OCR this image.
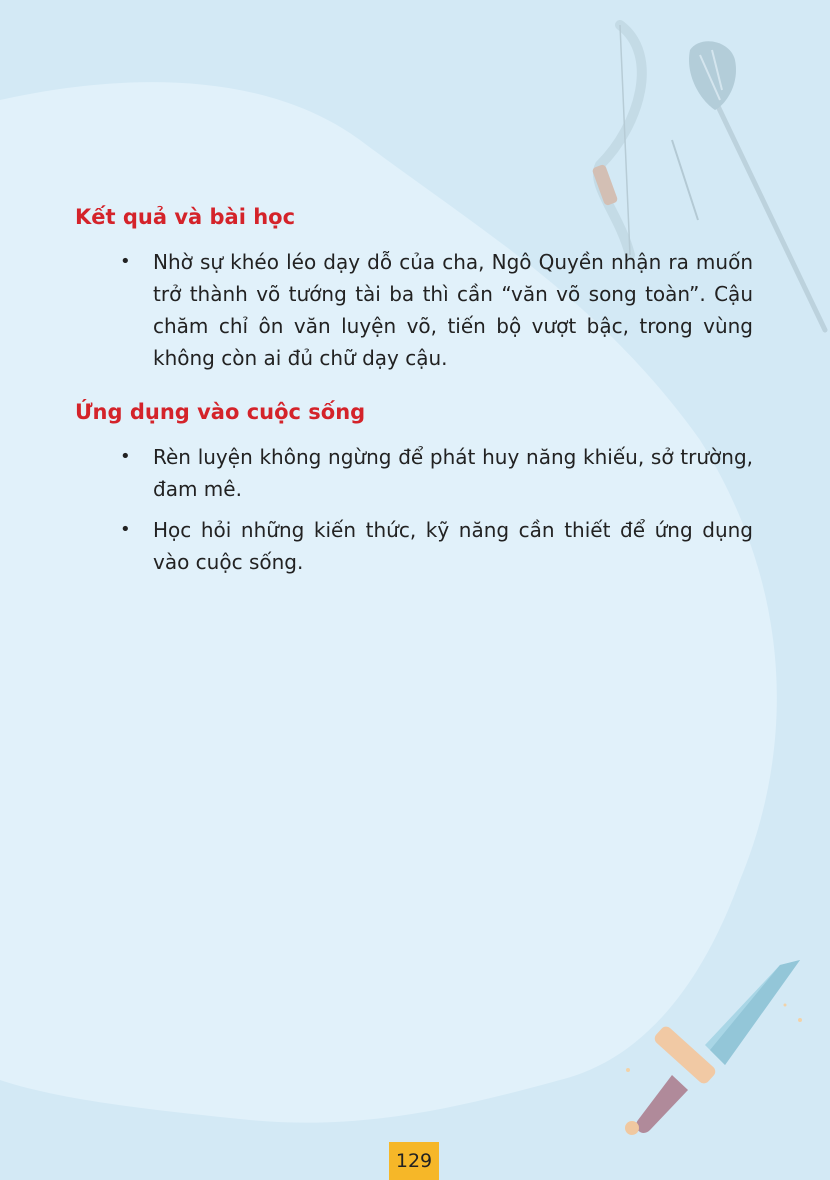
Kết quả và bài học
• Nhờ sự khéo léo dạy dỗ của cha, Ngô Quyền nhận ra muốn trở thành võ tướng tài ba thì cần “văn võ song toàn”. Cậu chăm chỉ ôn văn luyện võ, tiến bộ vượt bậc, trong vùng không còn ai đủ chữ dạy cậu.
Ứng dụng vào cuộc sống
• Rèn luyện không ngừng để phát huy năng khiếu, sở trường, đam mê.
• Học hỏi những kiến thức, kỹ năng cần thiết để ứng dụng vào cuộc sống.
129
